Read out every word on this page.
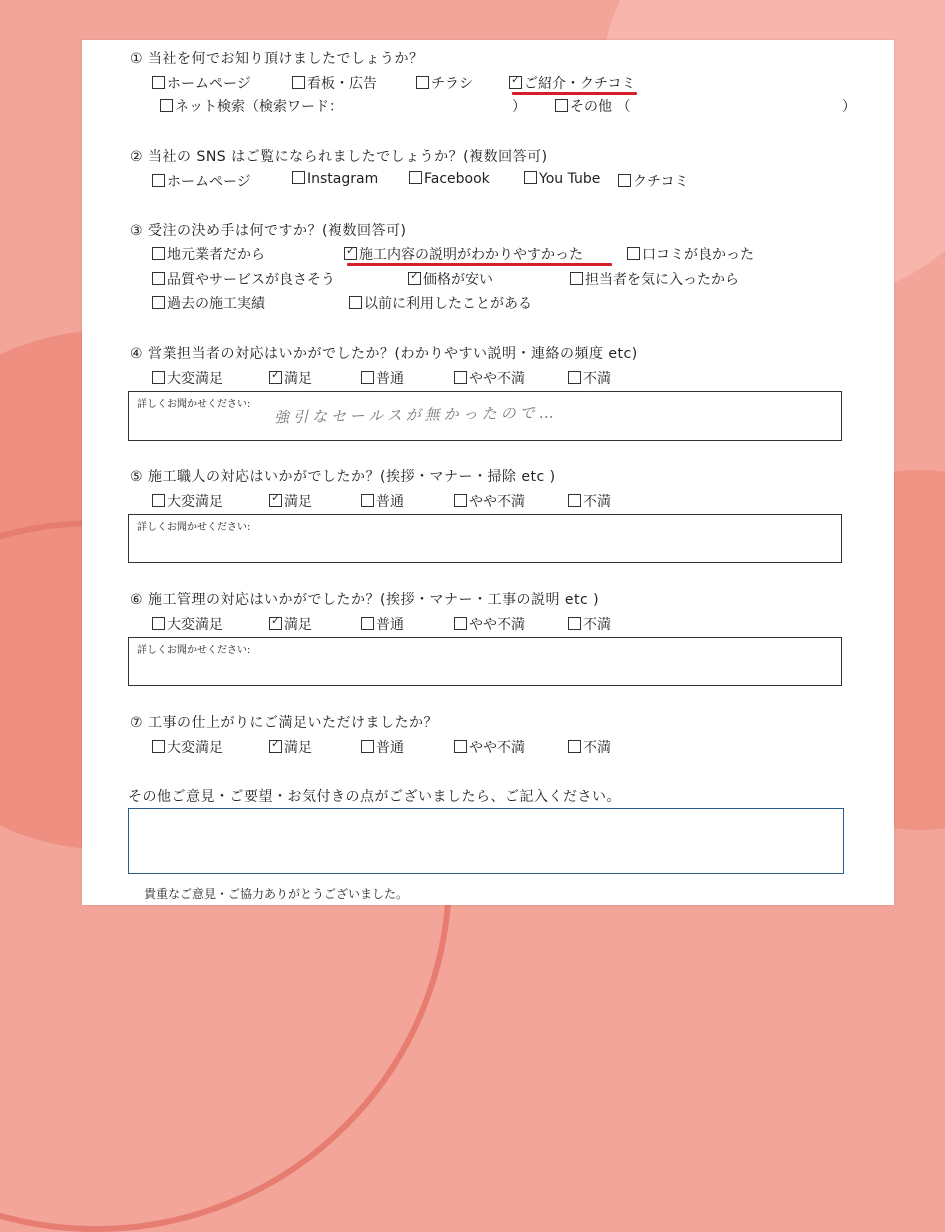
① 当社を何でお知り頂けましたでしょうか？
ホームページ	看板・広告	チラシ ✓	ご紹介・クチコミ
ネット検索（検索ワード：	）	その他 （	）
② 当社の SNS はご覧になられましたでしょうか？(複数回答可)
ホームページ	Instagram	Facebook	You Tube	クチコミ
③ 受注の決め手は何ですか？(複数回答可)
地元業者だから ✓	施工内容の説明がわかりやすかった	口コミが良かった
品質やサービスが良さそう ✓	価格が安い	担当者を気に入ったから
過去の施工実績	以前に利用したことがある
④ 営業担当者の対応はいかがでしたか？(わかりやすい説明・連絡の頻度 etc)
大変満足 ✓	満足	普通	やや不満	不満
詳しくお聞かせください: 強引なセールスが無かったので…
⑤ 施工職人の対応はいかがでしたか？(挨拶・マナー・掃除 etc )
大変満足 ✓	満足	普通	やや不満	不満
詳しくお聞かせください:
⑥ 施工管理の対応はいかがでしたか？(挨拶・マナー・工事の説明 etc )
大変満足 ✓	満足	普通	やや不満	不満
詳しくお聞かせください:
⑦ 工事の仕上がりにご満足いただけましたか？
大変満足 ✓	満足	普通	やや不満	不満
その他ご意見・ご要望・お気付きの点がございましたら、ご記入ください。
貴重なご意見・ご協力ありがとうございました。
